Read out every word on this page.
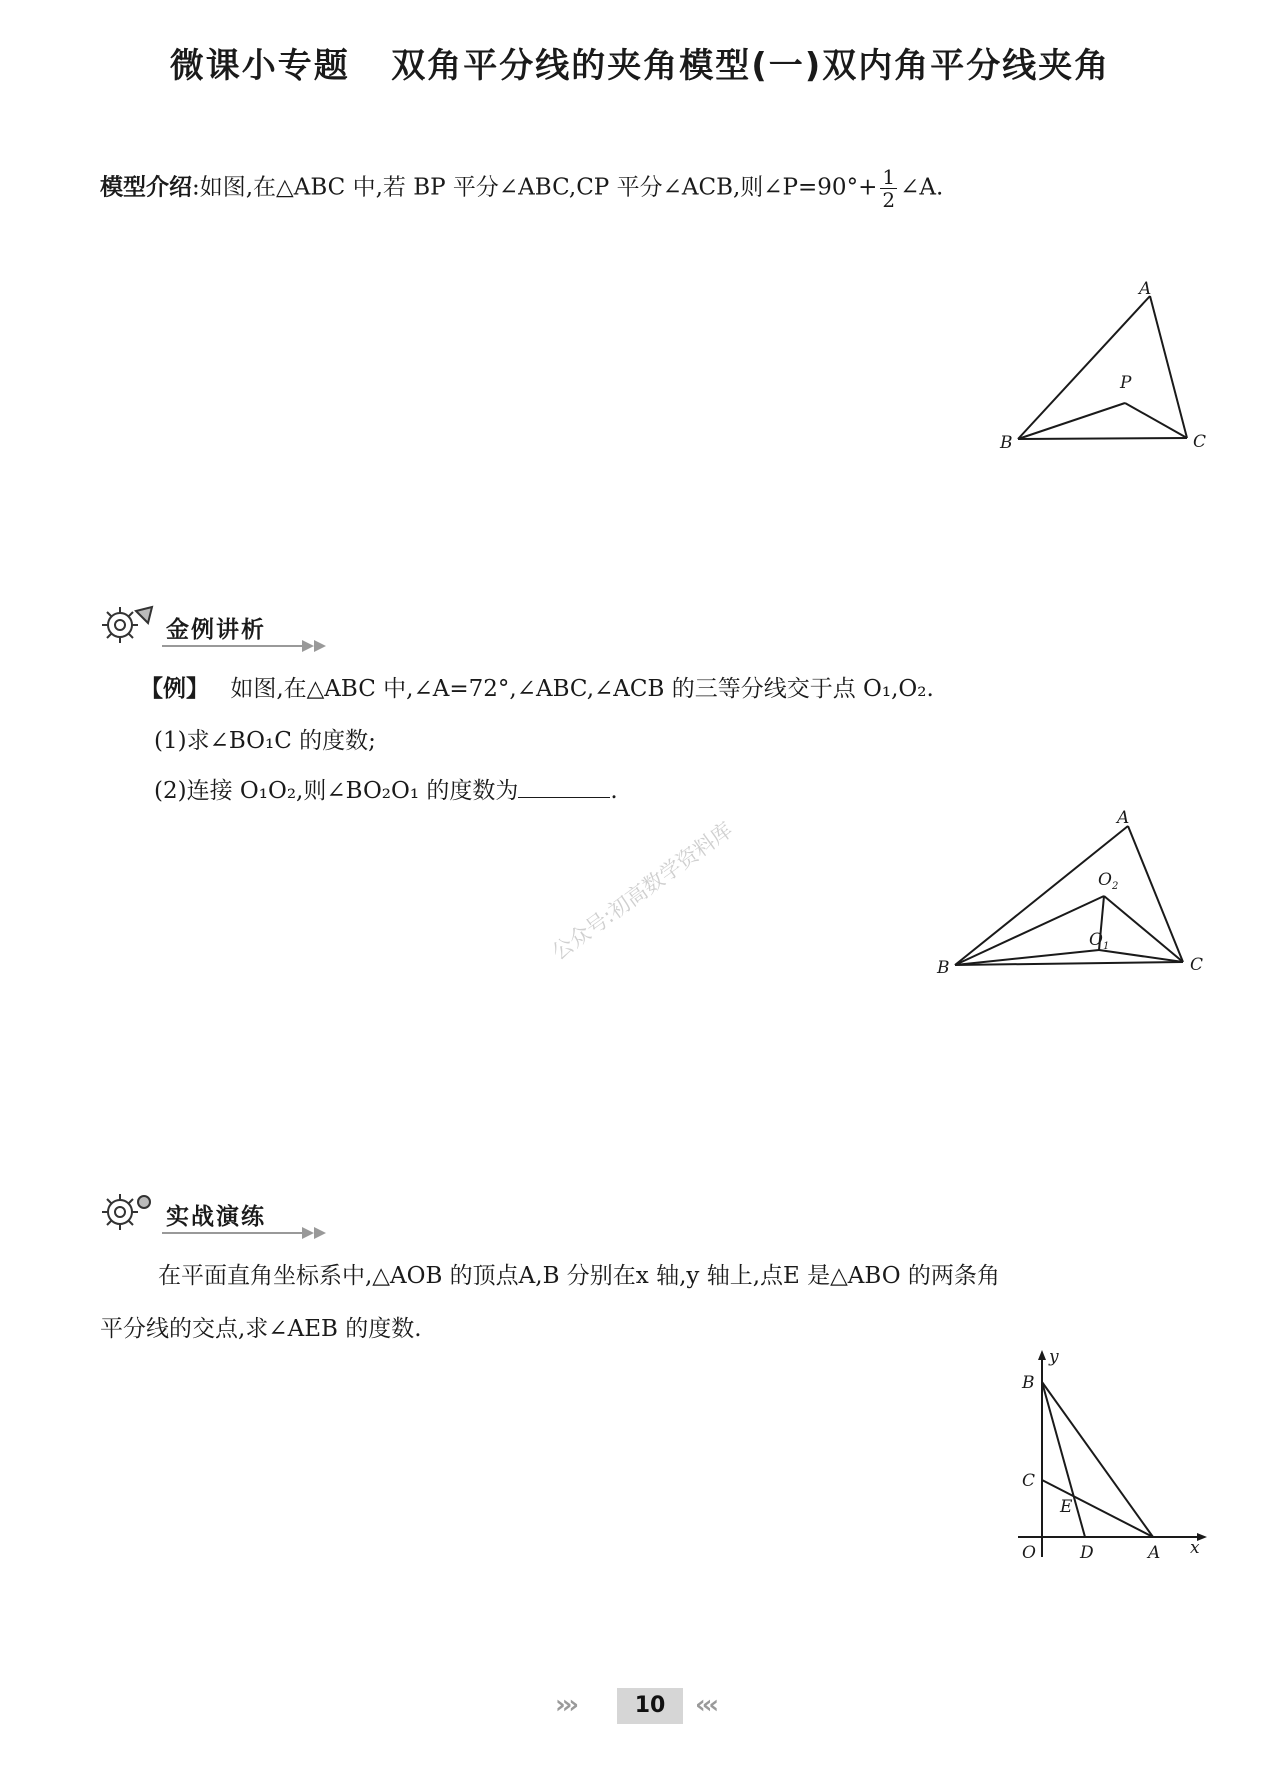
微课小专题   双角平分线的夹角模型(一)双内角平分线夹角
模型介绍:如图,在△ABC 中,若 BP 平分∠ABC,CP 平分∠ACB,则∠P=90°+ $\frac{1}{2}$ ∠A.
A
B	C
P
金例讲析
【例】 如图,在△ABC 中,∠A=72°,∠ABC,∠ACB 的三等分线交于点 O₁,O₂.
(1)求∠BO₁C 的度数;
(2)连接 O₁O₂,则∠BO₂O₁ 的度数为	.
公众号:初高数学资料库	A
B	C
$O_2$
$O_1$
实战演练
在平面直角坐标系中,△AOB 的顶点A,B 分别在x 轴,y 轴上,点E 是△ABO 的两条角
平分线的交点,求∠AEB 的度数.
B
y
C
E
O	D	A x
›››	10	‹‹‹
